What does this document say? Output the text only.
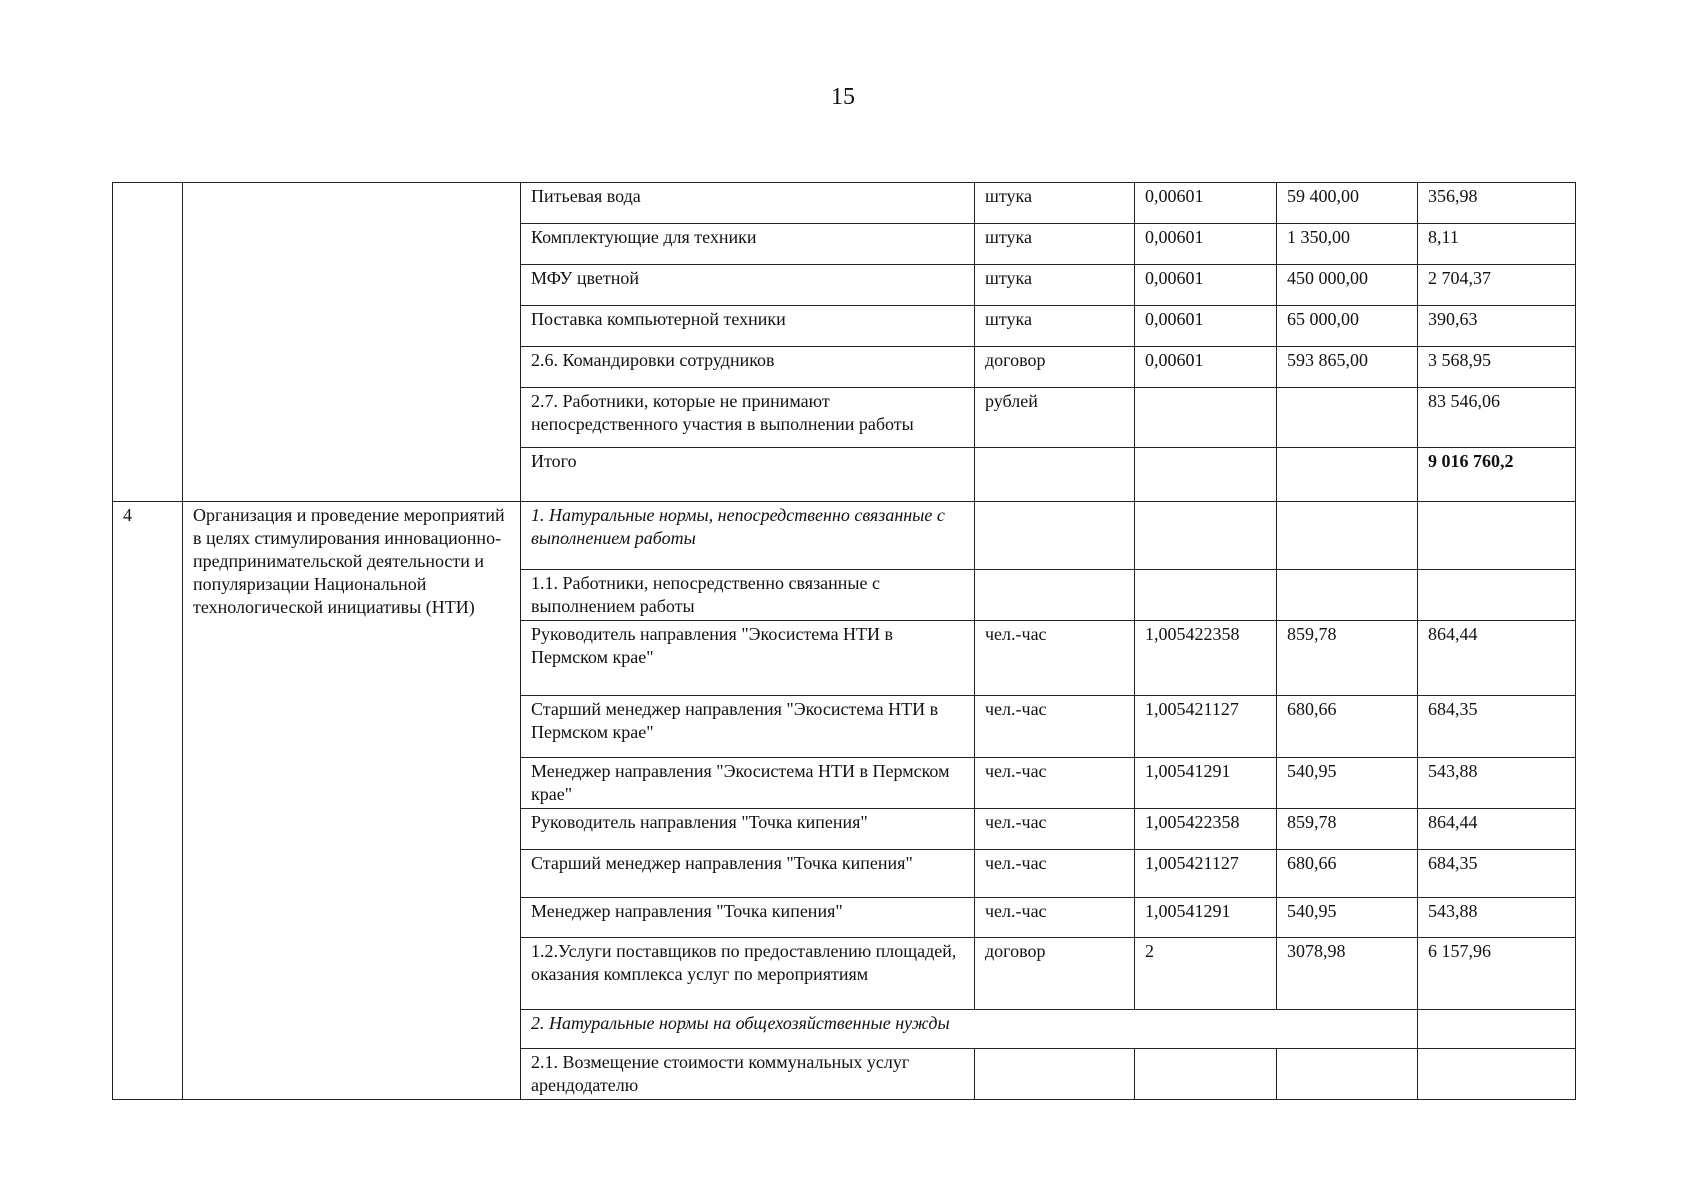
15
		Питьевая вода	штука	0,00601	59 400,00	356,98
		Комплектующие для техники	штука	0,00601	1 350,00	8,11
		МФУ цветной	штука	0,00601	450 000,00	2 704,37
		Поставка компьютерной техники	штука	0,00601	65 000,00	390,63
		2.6. Командировки сотрудников	договор	0,00601	593 865,00	3 568,95
		2.7. Работники, которые не принимают непосредственного участия в выполнении работы	рублей			83 546,06
		Итого				9 016 760,2
4	Организация и проведение мероприятий в целях стимулирования инновационно-предпринимательской деятельности и популяризации Национальной технологической инициативы (НТИ)	1. Натуральные нормы, непосредственно связанные с выполнением работы				
		1.1. Работники, непосредственно связанные с выполнением работы				
		Руководитель направления "Экосистема НТИ в Пермском крае"	чел.-час	1,005422358	859,78	864,44
		Старший менеджер направления "Экосистема НТИ в Пермском крае"	чел.-час	1,005421127	680,66	684,35
		Менеджер направления "Экосистема НТИ в Пермском крае"	чел.-час	1,00541291	540,95	543,88
		Руководитель направления "Точка кипения"	чел.-час	1,005422358	859,78	864,44
		Старший менеджер направления "Точка кипения"	чел.-час	1,005421127	680,66	684,35
		Менеджер направления "Точка кипения"	чел.-час	1,00541291	540,95	543,88
		1.2.Услуги поставщиков по предоставлению площадей, оказания комплекса услуг по мероприятиям	договор	2	3078,98	6 157,96
		2. Натуральные нормы на общехозяйственные нужды				
		2.1. Возмещение стоимости коммунальных услуг арендодателю				
